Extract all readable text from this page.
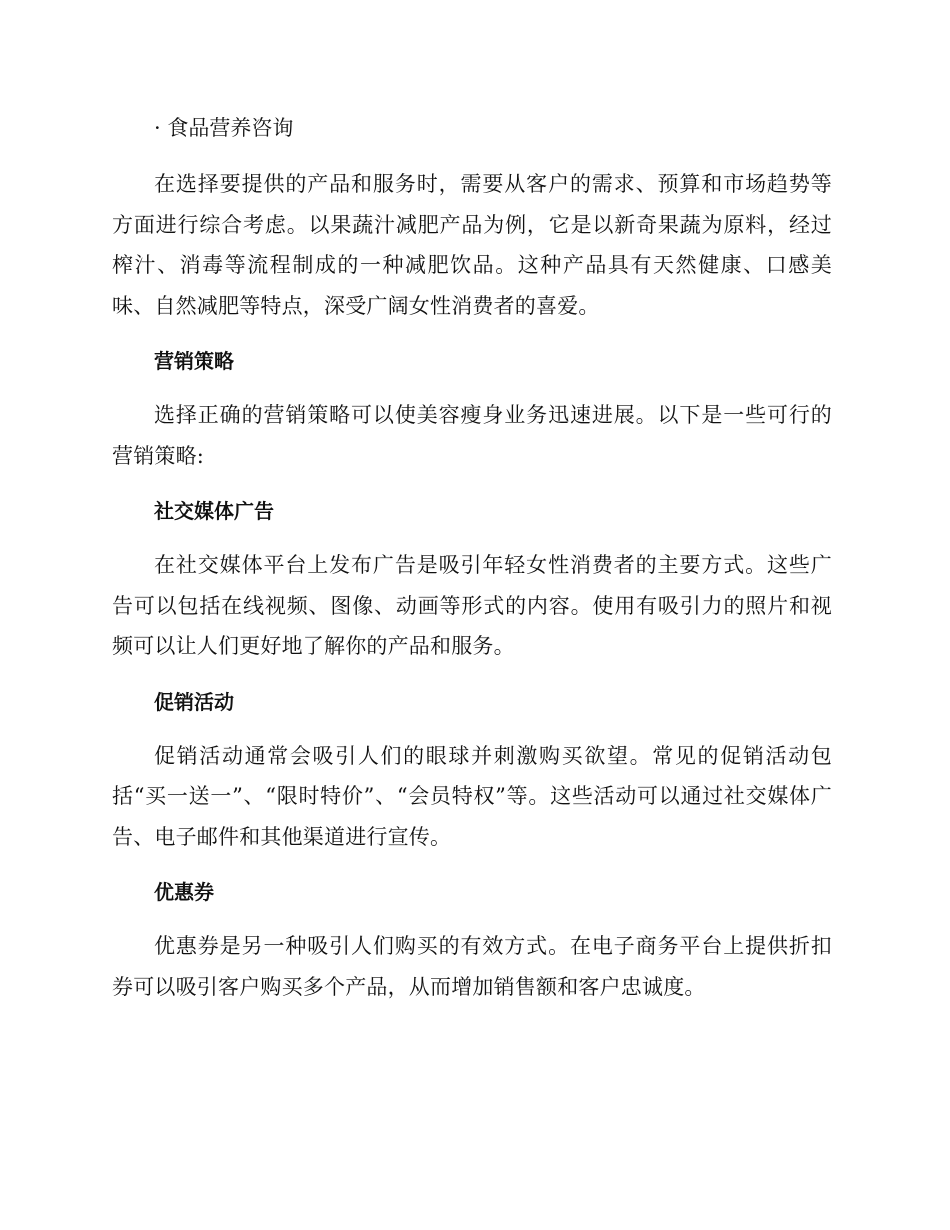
· 食品营养咨询

在选择要提供的产品和服务时，需要从客户的需求、预算和市场趋势等方面进行综合考虑。以果蔬汁减肥产品为例，它是以新奇果蔬为原料，经过榨汁、消毒等流程制成的一种减肥饮品。这种产品具有天然健康、口感美味、自然减肥等特点，深受广阔女性消费者的喜爱。

营销策略

选择正确的营销策略可以使美容瘦身业务迅速进展。以下是一些可行的营销策略:

社交媒体广告

在社交媒体平台上发布广告是吸引年轻女性消费者的主要方式。这些广告可以包括在线视频、图像、动画等形式的内容。使用有吸引力的照片和视频可以让人们更好地了解你的产品和服务。

促销活动

促销活动通常会吸引人们的眼球并刺激购买欲望。常见的促销活动包括“买一送一”、“限时特价”、“会员特权”等。这些活动可以通过社交媒体广告、电子邮件和其他渠道进行宣传。

优惠券

优惠券是另一种吸引人们购买的有效方式。在电子商务平台上提供折扣券可以吸引客户购买多个产品，从而增加销售额和客户忠诚度。
